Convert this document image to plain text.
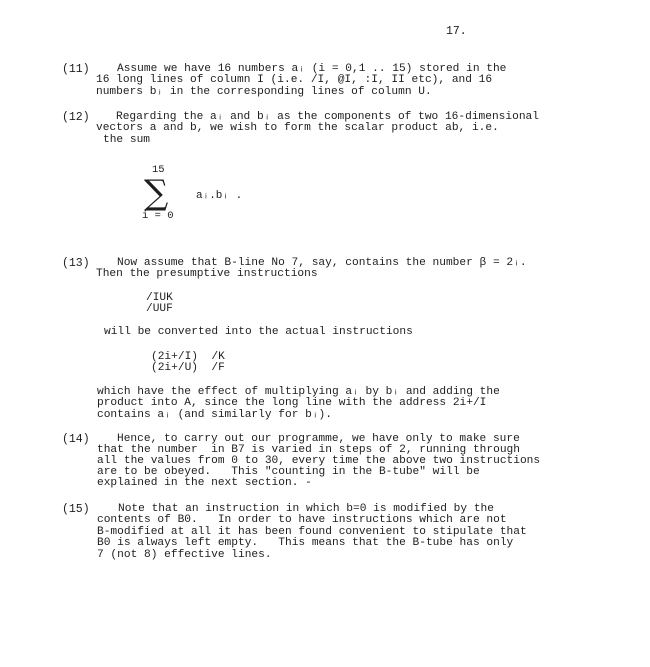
17.
(11) Assume we have 16 numbers aᵢ (i = 0,1 .. 15) stored in the
16 long lines of column I (i.e. /I, @I, :I, II etc), and 16
numbers bᵢ in the corresponding lines of column U.
(12) Regarding the aᵢ and bᵢ as the components of two 16-dimensional
vectors a and b, we wish to form the scalar product ab, i.e.
the sum
15
∑
i = 0
aᵢ.bᵢ .
(13) Now assume that B-line No 7, say, contains the number β = 2ᵢ.
Then the presumptive instructions
/IUK
/UUF
will be converted into the actual instructions
(2i+/I)  /K
(2i+/U)  /F
which have the effect of multiplying aᵢ by bᵢ and adding the
product into A, since the long line with the address 2i+/I
contains aᵢ (and similarly for bᵢ).
(14) Hence, to carry out our programme, we have only to make sure
that the number  in B7 is varied in steps of 2, running through
all the values from 0 to 30, every time the above two instructions
are to be obeyed.   This "counting in the B-tube" will be
explained in the next section. -
(15)	Note that an instruction in which b=0 is modified by the
contents of B0.   In order to have instructions which are not
B-modified at all it has been found convenient to stipulate that
B0 is always left empty.   This means that the B-tube has only
7 (not 8) effective lines.
